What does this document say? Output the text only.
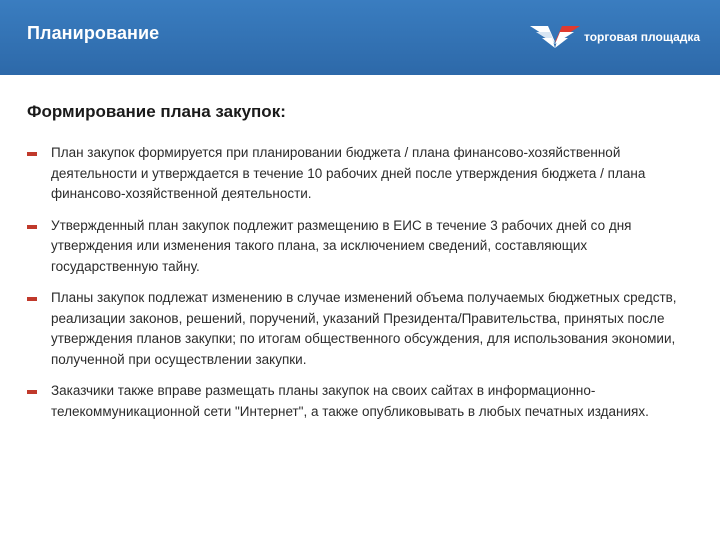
Планирование	торговая площадка
Формирование плана закупок:
План закупок формируется при планировании бюджета / плана финансово-хозяйственной деятельности и утверждается в течение 10 рабочих дней после утверждения бюджета / плана финансово-хозяйственной деятельности.
Утвержденный план закупок подлежит размещению в ЕИС в течение 3 рабочих дней со дня утверждения или изменения такого плана, за исключением сведений, составляющих государственную тайну.
Планы закупок подлежат изменению в случае изменений объема получаемых бюджетных средств, реализации законов, решений, поручений, указаний Президента/Правительства, принятых после утверждения планов закупки; по итогам общественного обсуждения, для использования экономии, полученной при осуществлении закупки.
Заказчики также вправе размещать планы закупок на своих сайтах в информационно-телекоммуникационной сети "Интернет", а также опубликовывать в любых печатных изданиях.
